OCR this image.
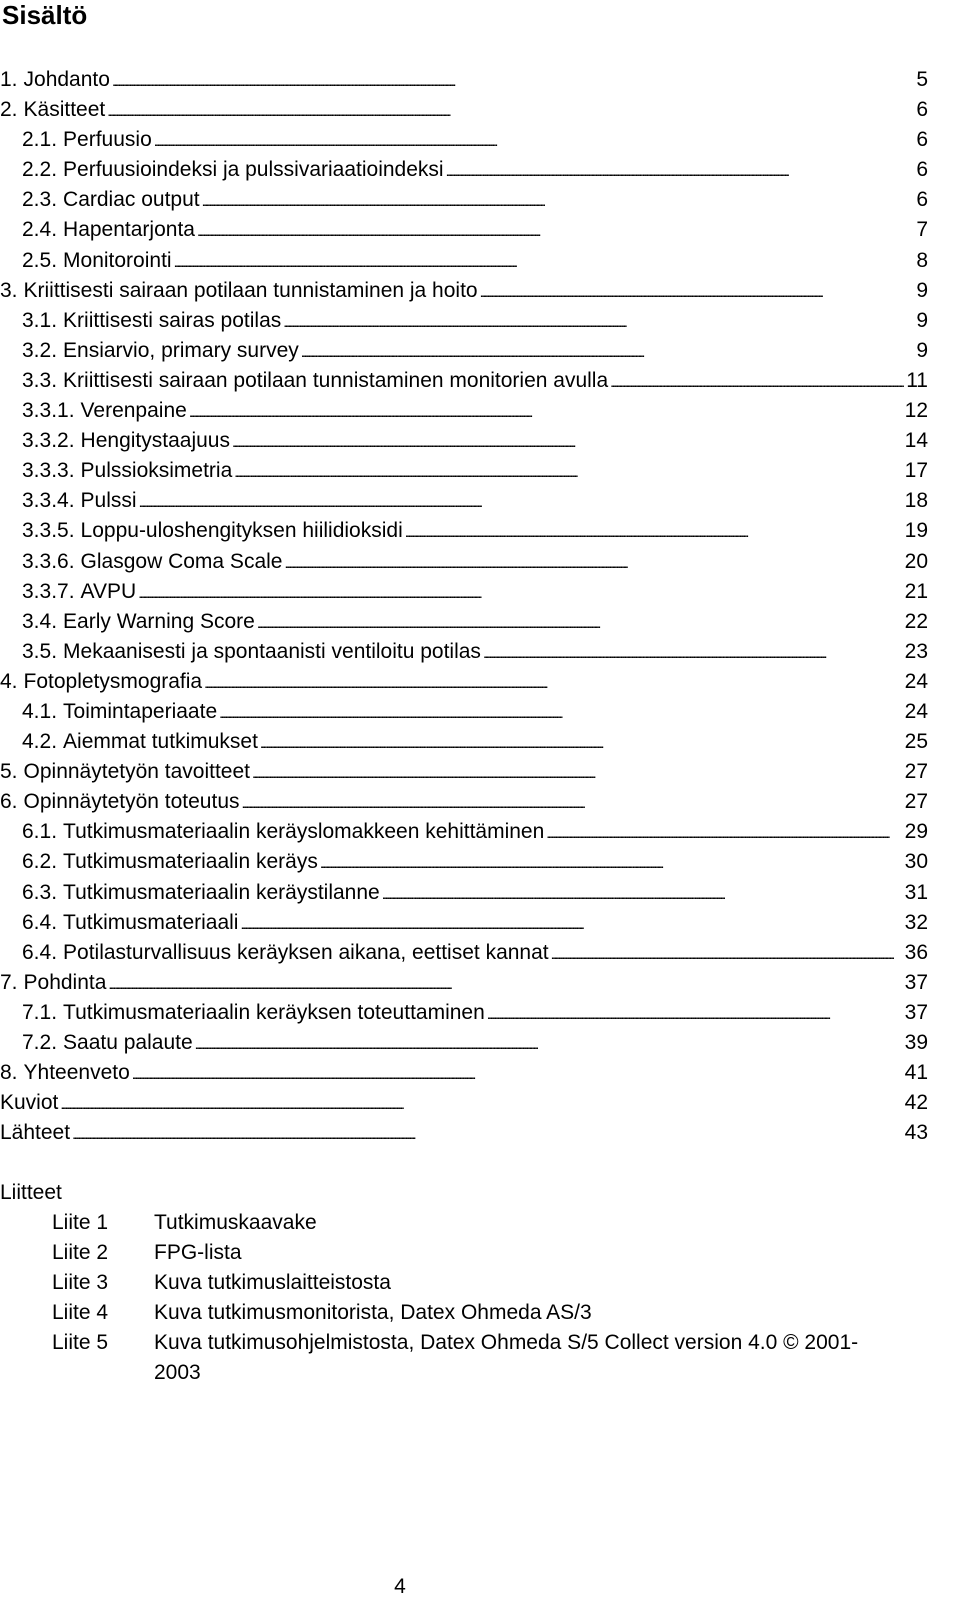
Sisältö
1. Johdanto . . .	5
2. Käsitteet . . .	6
2.1. Perfuusio . . .	6
2.2. Perfuusioindeksi ja pulssivariaatioindeksi . . .	6
2.3. Cardiac output . . .	6
2.4. Hapentarjonta . . .	7
2.5. Monitorointi . . .	8
3. Kriittisesti sairaan potilaan tunnistaminen ja hoito . . .	9
3.1. Kriittisesti sairas potilas . . .	9
3.2. Ensiarvio, primary survey . . .	9
3.3. Kriittisesti sairaan potilaan tunnistaminen monitorien avulla . . .	11
3.3.1. Verenpaine . . .	12
3.3.2. Hengitystaajuus . . .	14
3.3.3. Pulssioksimetria . . .	17
3.3.4. Pulssi . . .	18
3.3.5. Loppu-uloshengityksen hiilidioksidi . . .	19
3.3.6. Glasgow Coma Scale . . .	20
3.3.7. AVPU . . .	21
3.4. Early Warning Score . . .	22
3.5. Mekaanisesti ja spontaanisti ventiloitu potilas . . .	23
4. Fotopletysmografia . . .	24
4.1. Toimintaperiaate . . .	24
4.2. Aiemmat tutkimukset . . .	25
5. Opinnäytetyön tavoitteet . . .	27
6. Opinnäytetyön toteutus . . .	27
6.1. Tutkimusmateriaalin keräyslomakkeen kehittäminen . . .	29
6.2. Tutkimusmateriaalin keräys . . .	30
6.3. Tutkimusmateriaalin keräystilanne . . .	31
6.4. Tutkimusmateriaali . . .	32
6.4. Potilasturvallisuus keräyksen aikana, eettiset kannat . . .	36
7. Pohdinta . . .	37
7.1. Tutkimusmateriaalin keräyksen toteuttaminen . . .	37
7.2. Saatu palaute . . .	39
8. Yhteenveto . . .	41
Kuviot . . .	42
Lähteet . . .	43
Liitteet
Liite 1	Tutkimuskaavake
Liite 2	FPG-lista
Liite 3	Kuva tutkimuslaitteistosta
Liite 4	Kuva tutkimusmonitorista, Datex Ohmeda AS/3
Liite 5	Kuva tutkimusohjelmistosta, Datex Ohmeda S/5 Collect version 4.0 © 2001-2003
4
